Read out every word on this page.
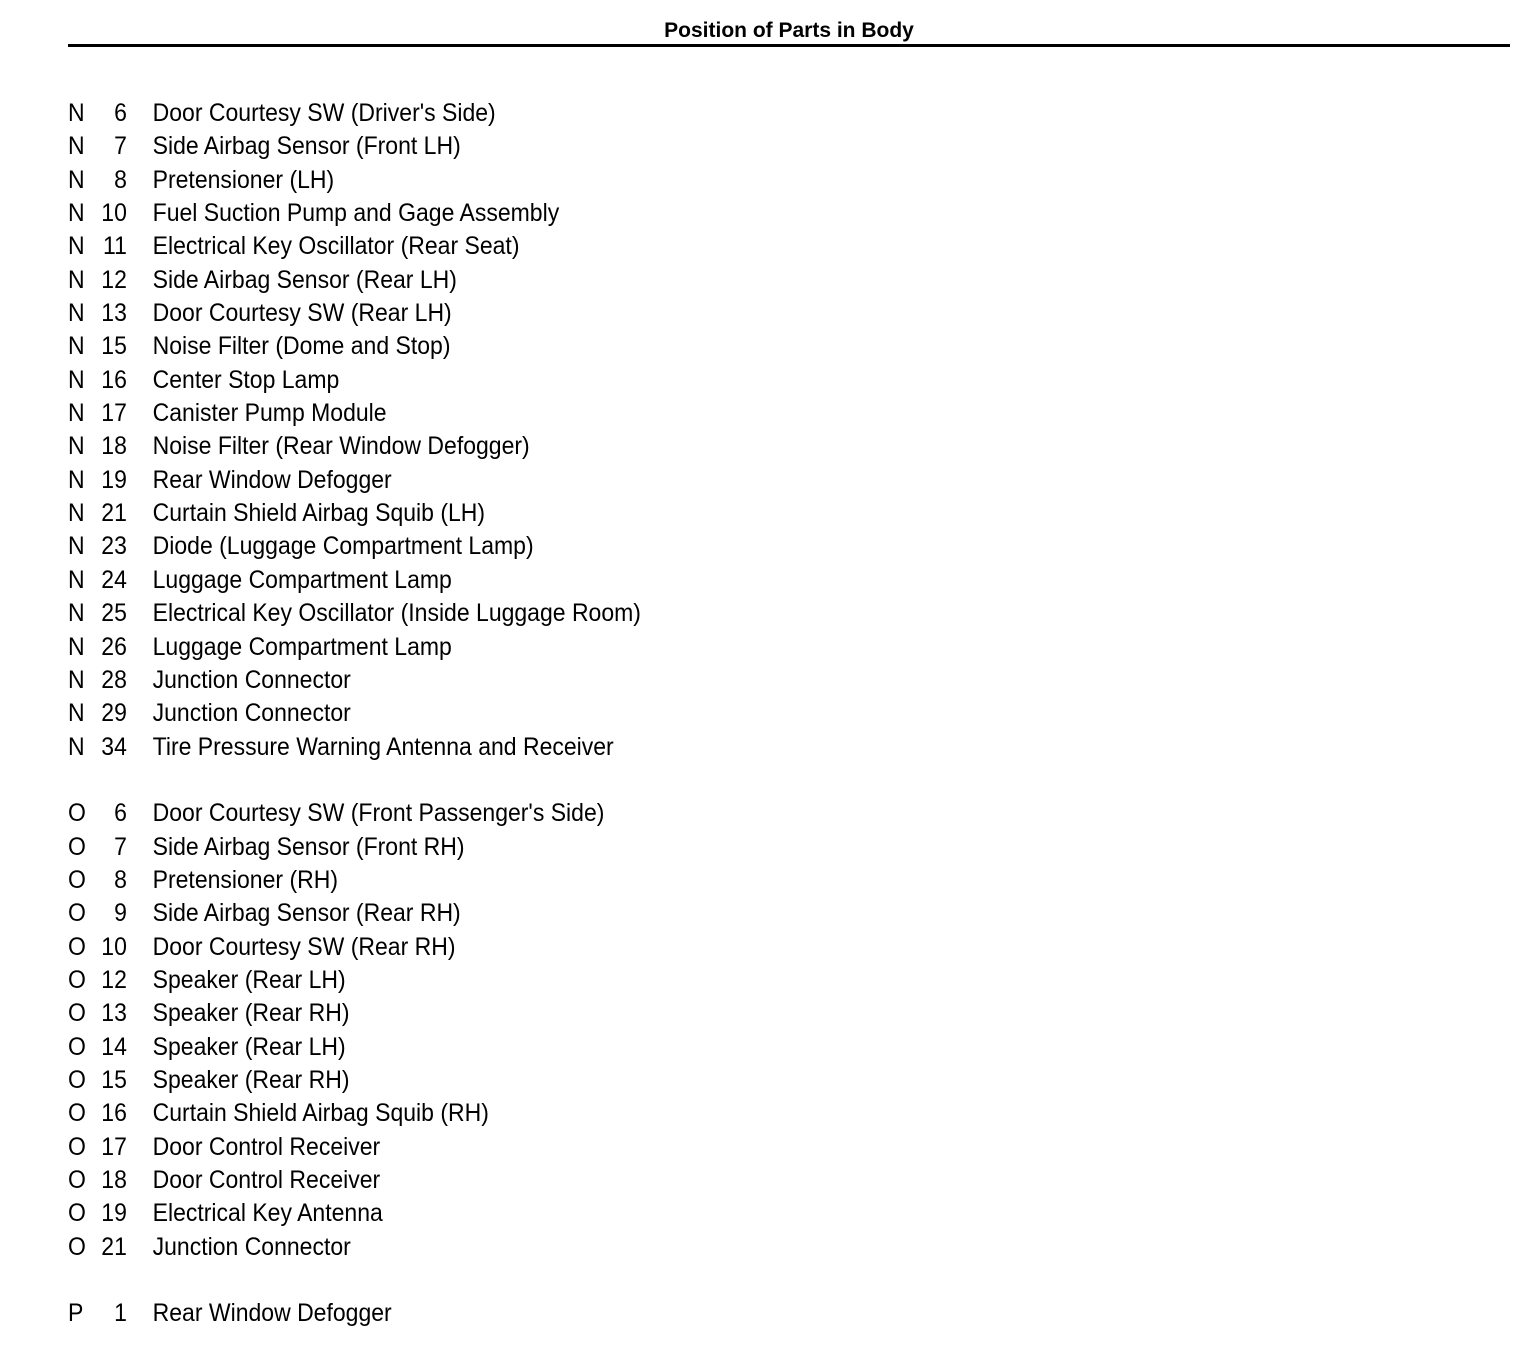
Position of Parts in Body
N	6 Door Courtesy SW (Driver's Side)
N	7 Side Airbag Sensor (Front LH)
N	8 Pretensioner (LH)
N 10 Fuel Suction Pump and Gage Assembly
N 11 Electrical Key Oscillator (Rear Seat)
N 12 Side Airbag Sensor (Rear LH)
N 13 Door Courtesy SW (Rear LH)
N 15 Noise Filter (Dome and Stop)
N 16 Center Stop Lamp
N 17 Canister Pump Module
N 18 Noise Filter (Rear Window Defogger)
N 19 Rear Window Defogger
N 21 Curtain Shield Airbag Squib (LH)
N 23 Diode (Luggage Compartment Lamp)
N 24 Luggage Compartment Lamp
N 25 Electrical Key Oscillator (Inside Luggage Room)
N 26 Luggage Compartment Lamp
N 28 Junction Connector
N 29 Junction Connector
N 34 Tire Pressure Warning Antenna and Receiver
O	6 Door Courtesy SW (Front Passenger's Side)
O	7 Side Airbag Sensor (Front RH)
O	8 Pretensioner (RH)
O	9 Side Airbag Sensor (Rear RH)
O 10 Door Courtesy SW (Rear RH)
O 12 Speaker (Rear LH)
O 13 Speaker (Rear RH)
O 14 Speaker (Rear LH)
O 15 Speaker (Rear RH)
O 16 Curtain Shield Airbag Squib (RH)
O 17 Door Control Receiver
O 18 Door Control Receiver
O 19 Electrical Key Antenna
O 21 Junction Connector
P	1 Rear Window Defogger
